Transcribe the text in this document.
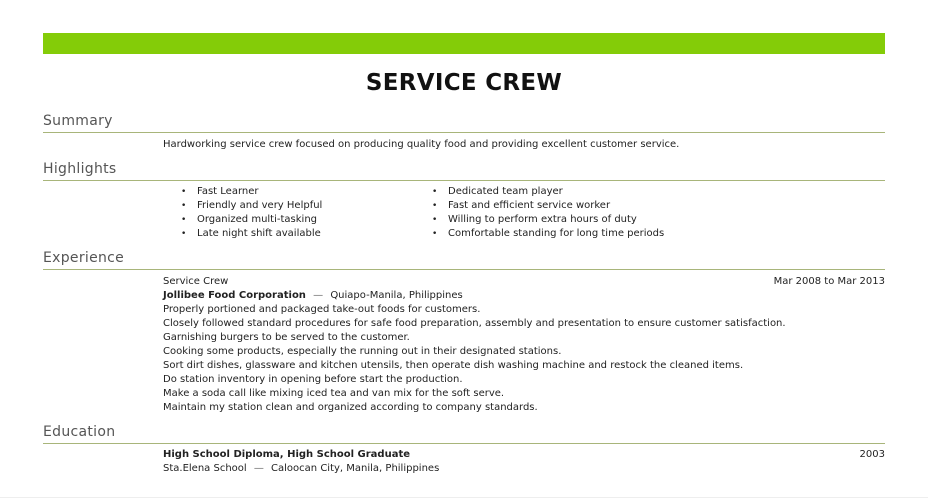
SERVICE CREW
Summary
Hardworking service crew focused on producing quality food and providing excellent customer service.
Highlights
• Fast Learner
• Friendly and very Helpful
• Organized multi-tasking
• Late night shift available
• Dedicated team player
• Fast and efficient service worker
• Willing to perform extra hours of duty
• Comfortable standing for long time periods
Experience
Service Crew	Mar 2008 to Mar 2013
Jollibee Food Corporation — Quiapo-Manila, Philippines
Properly portioned and packaged take-out foods for customers.
Closely followed standard procedures for safe food preparation, assembly and presentation to ensure customer satisfaction.
Garnishing burgers to be served to the customer.
Cooking some products, especially the running out in their designated stations.
Sort dirt dishes, glassware and kitchen utensils, then operate dish washing machine and restock the cleaned items.
Do station inventory in opening before start the production.
Make a soda call like mixing iced tea and van mix for the soft serve.
Maintain my station clean and organized according to company standards.
Education
High School Diploma, High School Graduate	2003
Sta.Elena School — Caloocan City, Manila, Philippines
